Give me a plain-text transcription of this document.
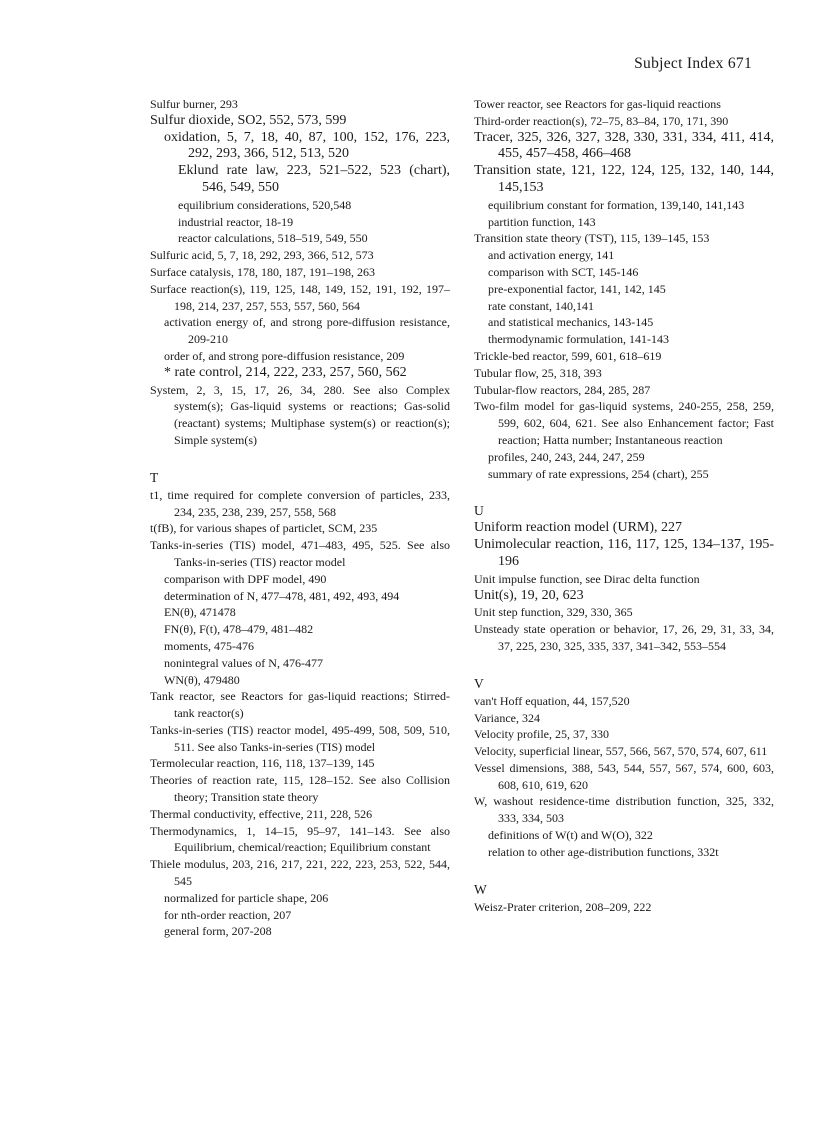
Subject Index 671
Sulfur burner, 293
Sulfur dioxide, SO2, 552, 573, 599
oxidation, 5, 7, 18, 40, 87, 100, 152, 176, 223, 292, 293, 366, 512, 513, 520
Eklund rate law, 223, 521–522, 523 (chart), 546, 549, 550
equilibrium considerations, 520,548
industrial reactor, 18-19
reactor calculations, 518–519, 549, 550
Sulfuric acid, 5, 7, 18, 292, 293, 366, 512, 573
Surface catalysis, 178, 180, 187, 191–198, 263
Surface reaction(s), 119, 125, 148, 149, 152, 191, 192, 197–198, 214, 237, 257, 553, 557, 560, 564
activation energy of, and strong pore-diffusion resistance, 209-210
order of, and strong pore-diffusion resistance, 209
* rate control, 214, 222, 233, 257, 560, 562
System, 2, 3, 15, 17, 26, 34, 280. See also Complex system(s); Gas-liquid systems or reactions; Gas-solid (reactant) systems; Multiphase system(s) or reaction(s); Simple system(s)
T
t1, time required for complete conversion of particles, 233, 234, 235, 238, 239, 257, 558, 568
t(fB), for various shapes of particlet, SCM, 235
Tanks-in-series (TIS) model, 471–483, 495, 525. See also Tanks-in-series (TIS) reactor model
comparison with DPF model, 490
determination of N, 477–478, 481, 492, 493, 494
EN(θ), 471478
FN(θ), F(t), 478–479, 481–482
moments, 475-476
nonintegral values of N, 476-477
WN(θ), 479480
Tank reactor, see Reactors for gas-liquid reactions; Stirred-tank reactor(s)
Tanks-in-series (TIS) reactor model, 495-499, 508, 509, 510, 511. See also Tanks-in-series (TIS) model
Termolecular reaction, 116, 118, 137–139, 145
Theories of reaction rate, 115, 128–152. See also Collision theory; Transition state theory
Thermal conductivity, effective, 211, 228, 526
Thermodynamics, 1, 14–15, 95–97, 141–143. See also Equilibrium, chemical/reaction; Equilibrium constant
Thiele modulus, 203, 216, 217, 221, 222, 223, 253, 522, 544, 545
normalized for particle shape, 206
for nth-order reaction, 207
general form, 207-208
Tower reactor, see Reactors for gas-liquid reactions
Third-order reaction(s), 72–75, 83–84, 170, 171, 390
Tracer, 325, 326, 327, 328, 330, 331, 334, 411, 414, 455, 457–458, 466–468
Transition state, 121, 122, 124, 125, 132, 140, 144, 145,153
equilibrium constant for formation, 139,140, 141,143
partition function, 143
Transition state theory (TST), 115, 139–145, 153
and activation energy, 141
comparison with SCT, 145-146
pre-exponential factor, 141, 142, 145
rate constant, 140,141
and statistical mechanics, 143-145
thermodynamic formulation, 141-143
Trickle-bed reactor, 599, 601, 618–619
Tubular flow, 25, 318, 393
Tubular-flow reactors, 284, 285, 287
Two-film model for gas-liquid systems, 240-255, 258, 259, 599, 602, 604, 621. See also Enhancement factor; Fast reaction; Hatta number; Instantaneous reaction
profiles, 240, 243, 244, 247, 259
summary of rate expressions, 254 (chart), 255
U
Uniform reaction model (URM), 227
Unimolecular reaction, 116, 117, 125, 134–137, 195-196
Unit impulse function, see Dirac delta function
Unit(s), 19, 20, 623
Unit step function, 329, 330, 365
Unsteady state operation or behavior, 17, 26, 29, 31, 33, 34, 37, 225, 230, 325, 335, 337, 341–342, 553–554
V
van't Hoff equation, 44, 157,520
Variance, 324
Velocity profile, 25, 37, 330
Velocity, superficial linear, 557, 566, 567, 570, 574, 607, 611
Vessel dimensions, 388, 543, 544, 557, 567, 574, 600, 603, 608, 610, 619, 620
W, washout residence-time distribution function, 325, 332, 333, 334, 503
definitions of W(t) and W(O), 322
relation to other age-distribution functions, 332t
W
Weisz-Prater criterion, 208–209, 222
